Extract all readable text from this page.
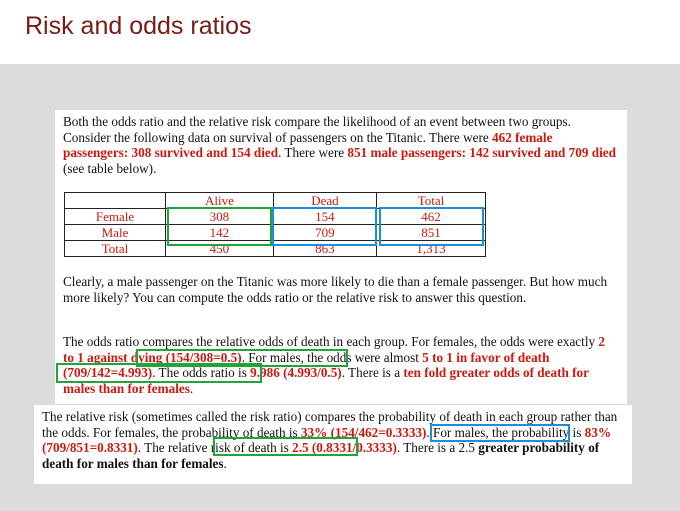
Risk and odds ratios

Both the odds ratio and the relative risk compare the likelihood of an event between two groups. Consider the following data on survival of passengers on the Titanic. There were 462 female passengers: 308 survived and 154 died. There were 851 male passengers: 142 survived and 709 died (see table below).

	Alive	Dead	Total
Female	308	154	462
Male	142	709	851
Total	450	863	1,313

Clearly, a male passenger on the Titanic was more likely to die than a female passenger. But how much more likely? You can compute the odds ratio or the relative risk to answer this question.

The odds ratio compares the relative odds of death in each group. For females, the odds were exactly 2 to 1 against dying (154/308=0.5). For males, the odds were almost 5 to 1 in favor of death (709/142=4.993). The odds ratio is 9.986 (4.993/0.5). There is a ten fold greater odds of death for males than for females.

The relative risk (sometimes called the risk ratio) compares the probability of death in each group rather than the odds. For females, the probability of death is 33% (154/462=0.3333). For males, the probability is 83% (709/851=0.8331). The relative risk of death is 2.5 (0.8331/0.3333). There is a 2.5 greater probability of death for males than for females.
